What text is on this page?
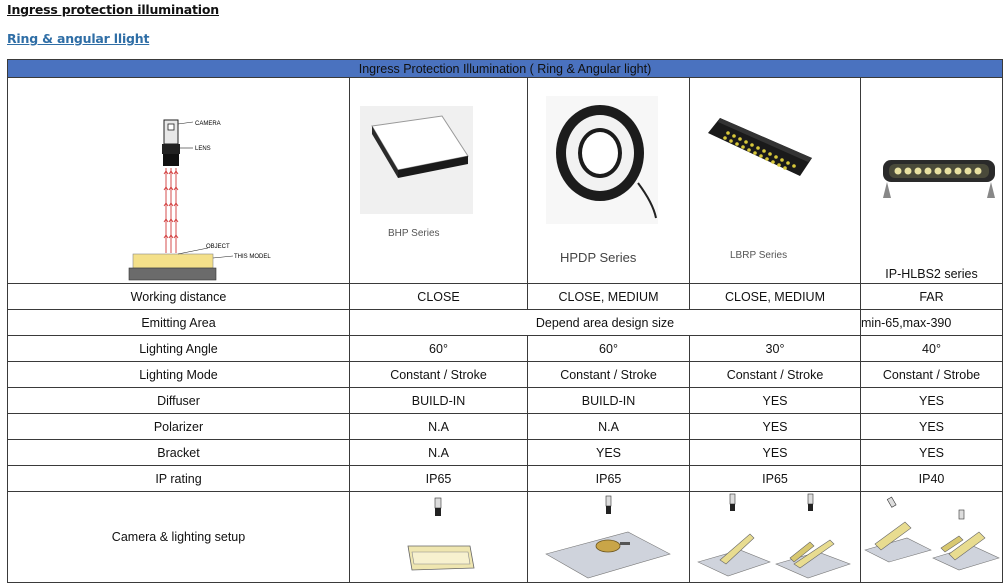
Ingress protection illumination
Ring & angular llight
Ingress Protection Illumination ( Ring & Angular light)				

CAMERA
LENS
OBJECT
THIS MODEL	BHP Series	HPDP Series	LBRP Series	IP-HLBS2 series

Working distance	CLOSE	CLOSE, MEDIUM	CLOSE, MEDIUM	FAR
Emitting Area	Depend area design size			min-65,max-390
Lighting Angle	60°	60°	30°	40°
Lighting Mode	Constant / Stroke	Constant / Stroke	Constant / Stroke	Constant / Strobe
Diffuser	BUILD-IN	BUILD-IN	YES	YES
Polarizer	N.A	N.A	YES	YES
Bracket	N.A	YES	YES	YES
IP rating	IP65	IP65	IP65	IP40
Camera & lighting setup	
